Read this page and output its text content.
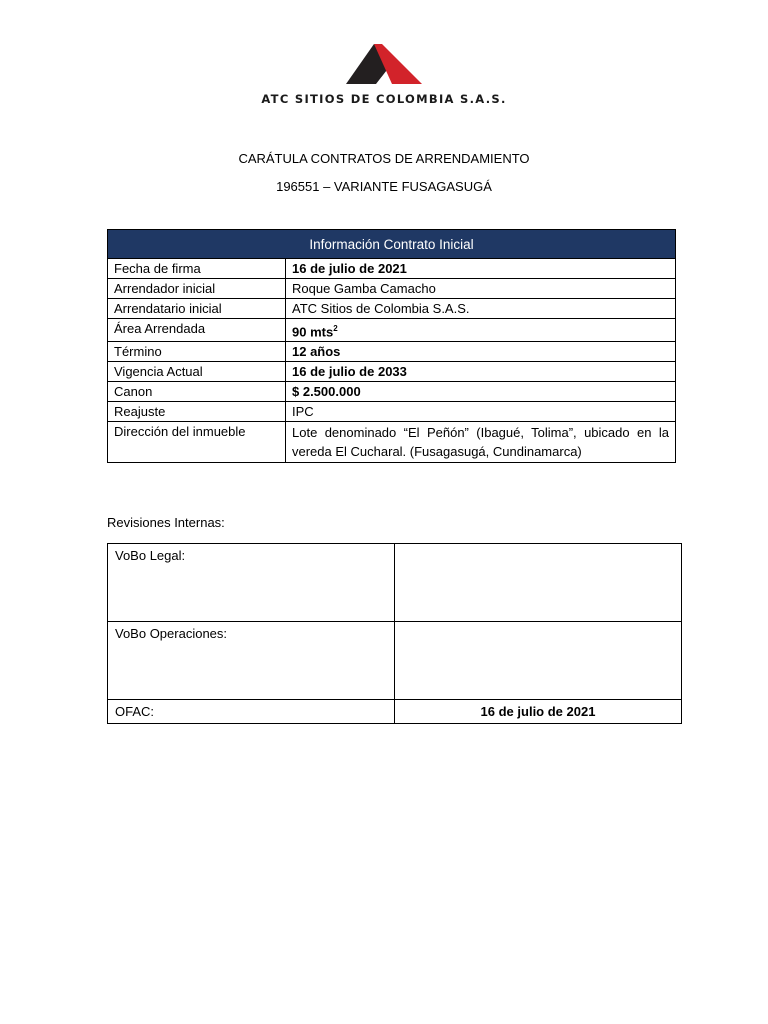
ATC SITIOS DE COLOMBIA S.A.S.
CARÁTULA CONTRATOS DE ARRENDAMIENTO
196551 – VARIANTE FUSAGASUGÁ
Información Contrato Inicial	
Fecha de firma	16 de julio de 2021
Arrendador inicial	Roque Gamba Camacho
Arrendatario inicial	ATC Sitios de Colombia S.A.S.
Área Arrendada	90 mts$^2$
Término	12 años
Vigencia Actual	16 de julio de 2033
Canon	$ 2.500.000
Reajuste	IPC
Dirección del inmueble	Lote denominado “El Peñón” (Ibagué, Tolima”, ubicado en la vereda El Cucharal. (Fusagasugá, Cundinamarca)
Revisiones Internas:
VoBo Legal:	
VoBo Operaciones:	
OFAC:	16 de julio de 2021
